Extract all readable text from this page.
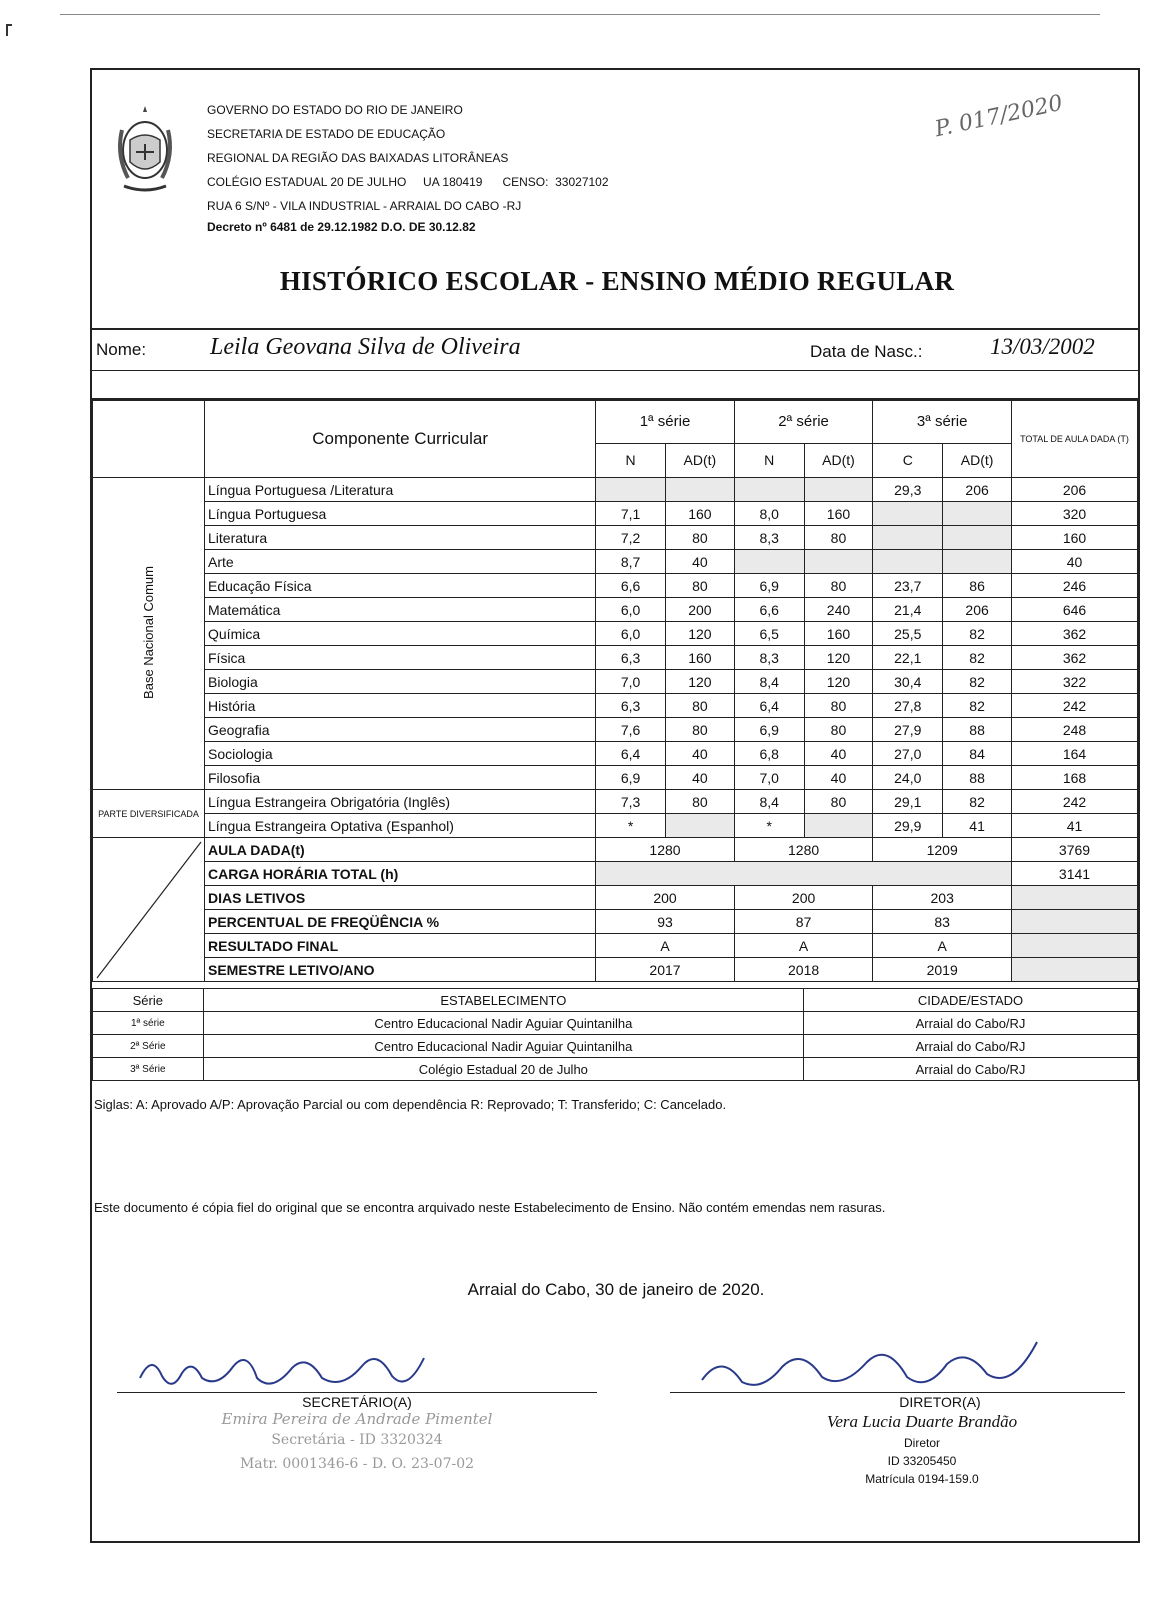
GOVERNO DO ESTADO DO RIO DE JANEIRO
SECRETARIA DE ESTADO DE EDUCAÇÃO
REGIONAL DA REGIÃO DAS BAIXADAS LITORÂNEAS
COLÉGIO ESTADUAL 20 DE JULHO     UA 180419      CENSO:  33027102
RUA 6 S/Nº - VILA INDUSTRIAL - ARRAIAL DO CABO -RJ
Decreto nº 6481 de 29.12.1982 D.O. DE 30.12.82
P. 017/2020
HISTÓRICO ESCOLAR - ENSINO MÉDIO REGULAR
Nome:	Leila Geovana Silva de Oliveira	Data de Nasc.:	13/03/2002
	Componente Curricular	1ª série		2ª série		3ª série		TOTAL DE AULA DADA (T)
		N	AD(t)	N	AD(t)	C	AD(t)	
Base Nacional Comum	Língua Portuguesa /Literatura					29,3	206	206
	Língua Portuguesa	7,1	160	8,0	160			320
	Literatura	7,2	80	8,3	80			160
	Arte	8,7	40					40
	Educação Física	6,6	80	6,9	80	23,7	86	246
	Matemática	6,0	200	6,6	240	21,4	206	646
	Química	6,0	120	6,5	160	25,5	82	362
	Física	6,3	160	8,3	120	22,1	82	362
	Biologia	7,0	120	8,4	120	30,4	82	322
	História	6,3	80	6,4	80	27,8	82	242
	Geografia	7,6	80	6,9	80	27,9	88	248
	Sociologia	6,4	40	6,8	40	27,0	84	164
	Filosofia	6,9	40	7,0	40	24,0	88	168
PARTE DIVERSIFICADA	Língua Estrangeira Obrigatória (Inglês)	7,3	80	8,4	80	29,1	82	242
	Língua Estrangeira Optativa (Espanhol)	*		*		29,9	41	41

	AULA DADA(t)	1280		1280		1209		3769
	CARGA HORÁRIA TOTAL (h)							3141
	DIAS LETIVOS	200		200		203		
	PERCENTUAL DE FREQÜÊNCIA %	93		87		83		
	RESULTADO FINAL	A		A		A		
	SEMESTRE LETIVO/ANO	2017		2018		2019		
Série	ESTABELECIMENTO	CIDADE/ESTADO
1ª série	Centro Educacional Nadir Aguiar Quintanilha	Arraial do Cabo/RJ
2ª Série	Centro Educacional Nadir Aguiar Quintanilha	Arraial do Cabo/RJ
3ª Série	Colégio Estadual 20 de Julho	Arraial do Cabo/RJ
Siglas: A: Aprovado A/P: Aprovação Parcial ou com dependência R: Reprovado; T: Transferido; C: Cancelado.
Este documento é cópia fiel do original que se encontra arquivado neste Estabelecimento de Ensino. Não contém emendas nem rasuras.
Arraial do Cabo, 30 de janeiro de 2020.
SECRETÁRIO(A)
Emira Pereira de Andrade Pimentel
Secretária - ID 3320324
Matr. 0001346-6 - D. O. 23-07-02
DIRETOR(A)
Vera Lucia Duarte Brandão
Diretor
ID 33205450
Matrícula 0194-159.0
